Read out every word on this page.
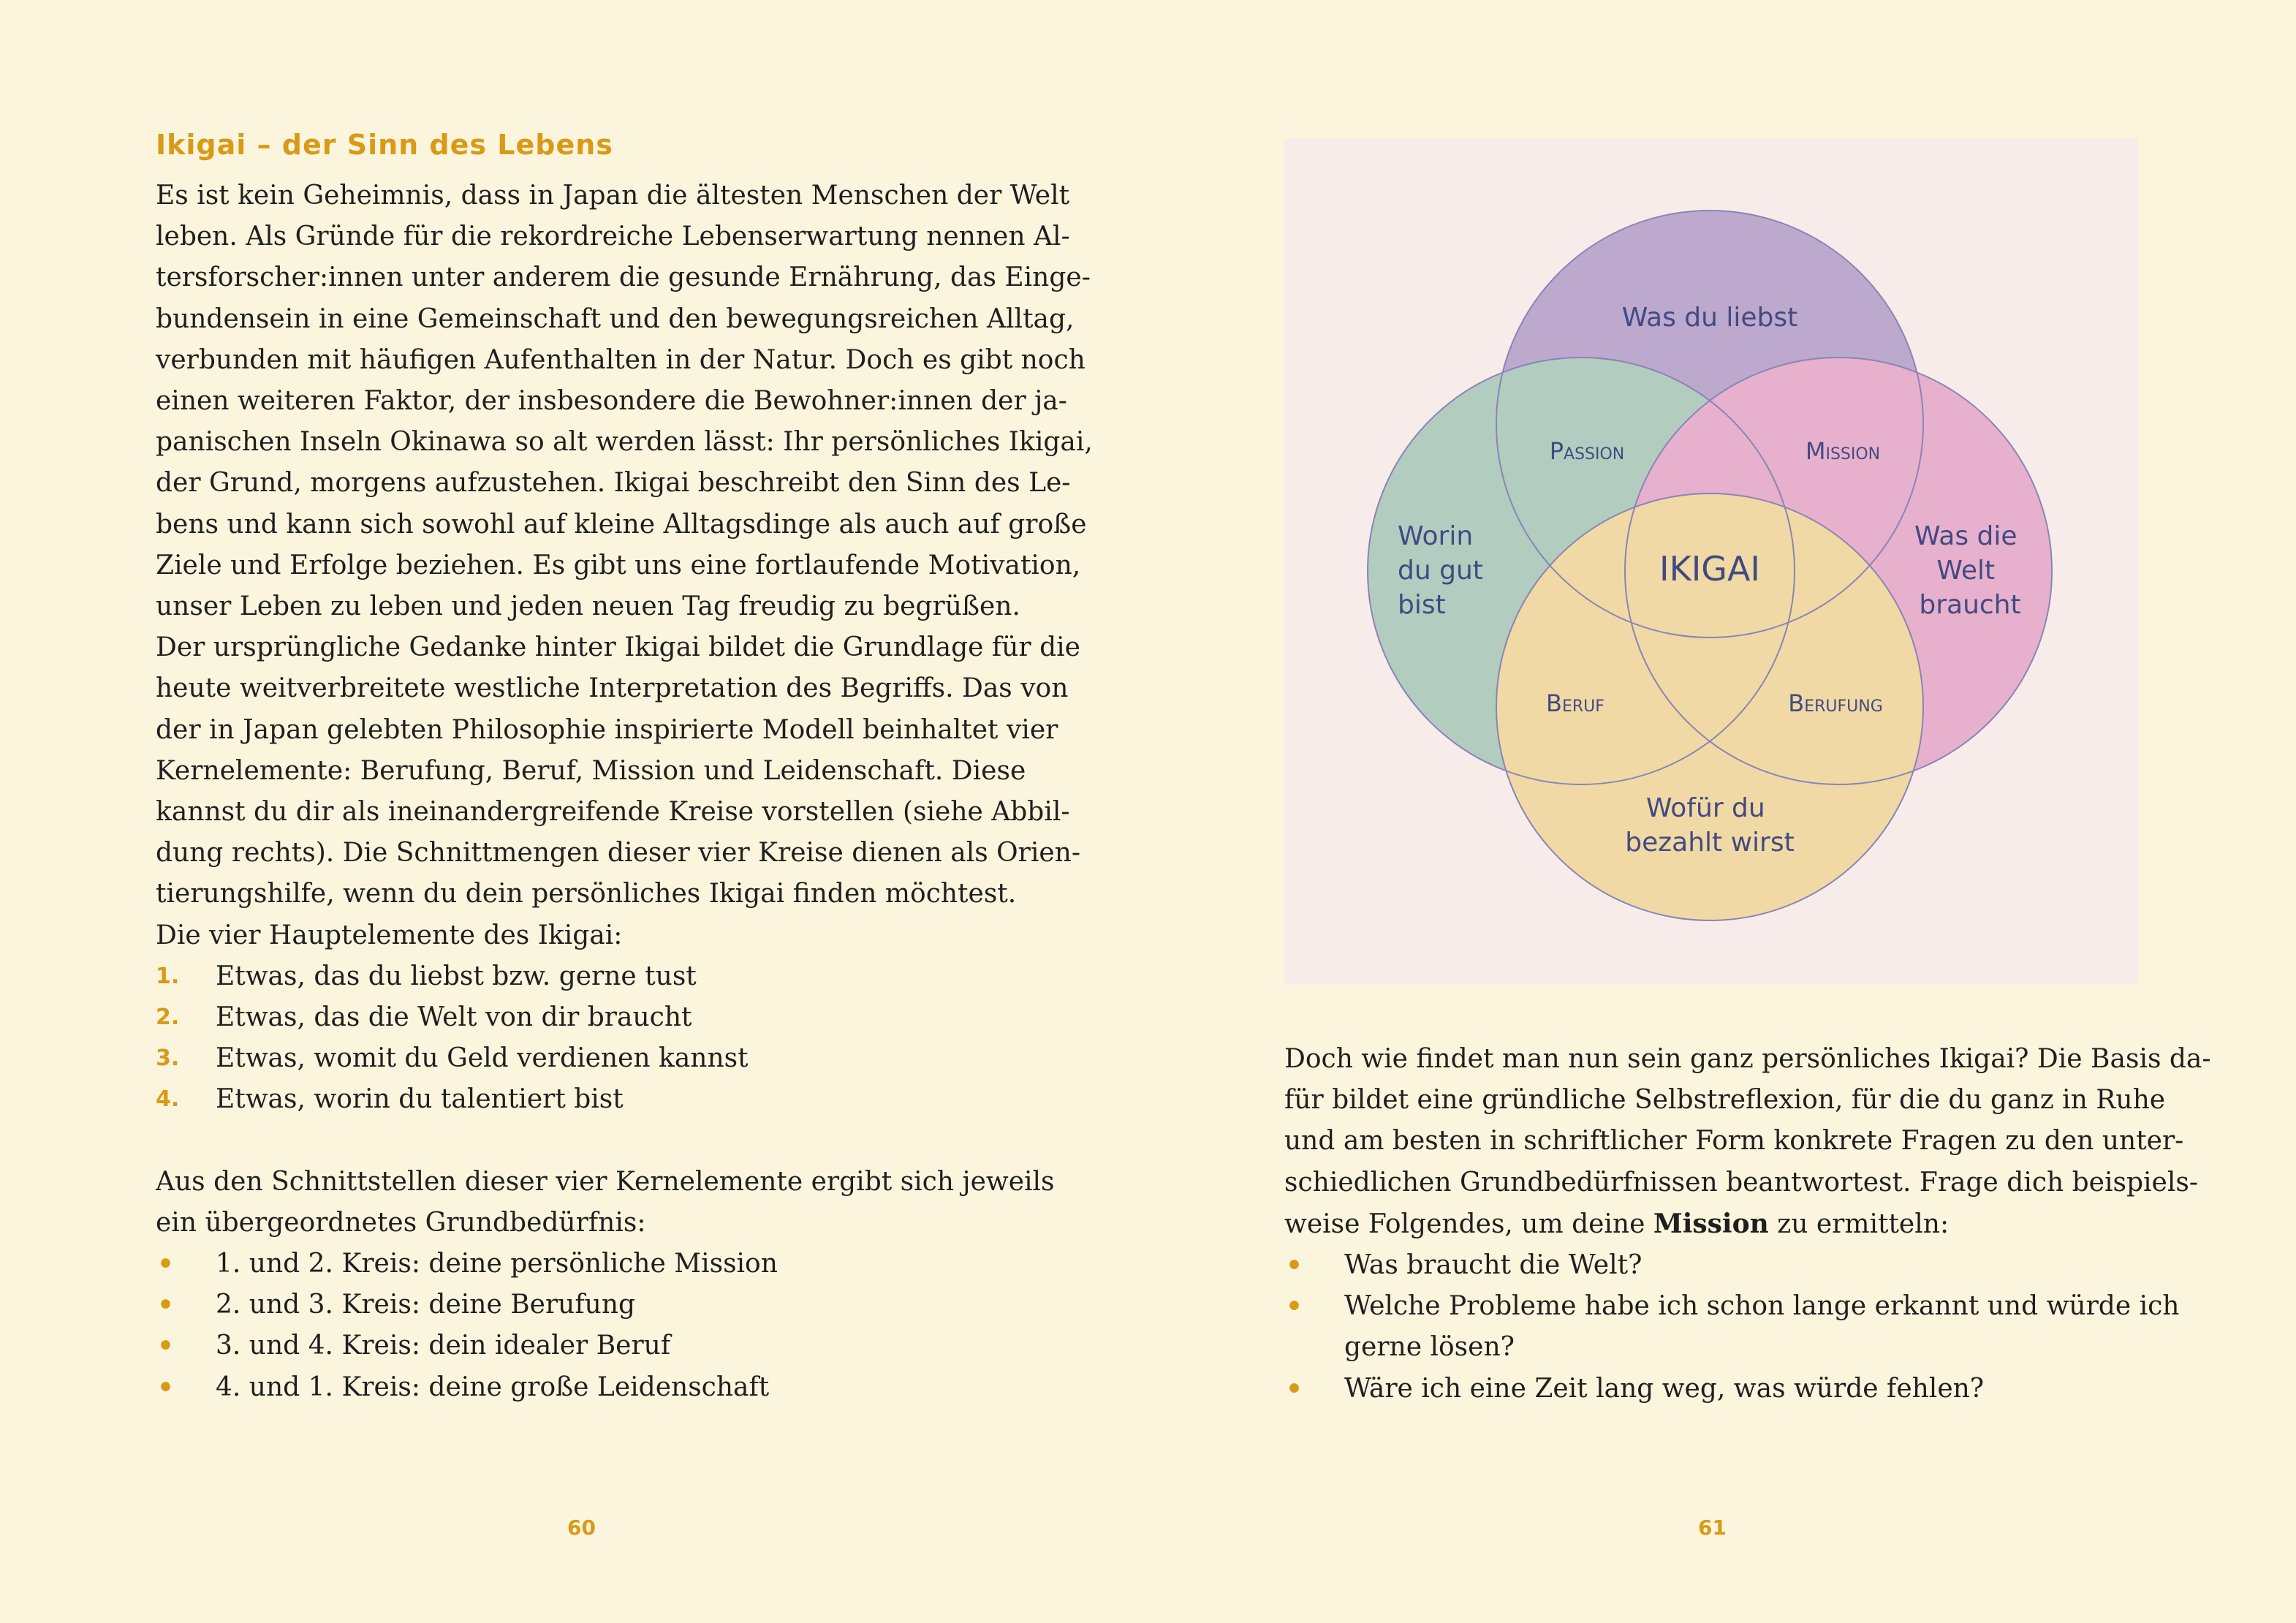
Ikigai – der Sinn des Lebens
Es ist kein Geheimnis, dass in Japan die ältesten Menschen der Welt
leben. Als Gründe für die rekordreiche Lebenserwartung nennen Al-
tersforscher:innen unter anderem die gesunde Ernährung, das Einge-
bundensein in eine Gemeinschaft und den bewegungsreichen Alltag,
verbunden mit häufigen Aufenthalten in der Natur. Doch es gibt noch
einen weiteren Faktor, der insbesondere die Bewohner:innen der ja-
panischen Inseln Okinawa so alt werden lässt: Ihr persönliches Ikigai,
der Grund, morgens aufzustehen. Ikigai beschreibt den Sinn des Le-
bens und kann sich sowohl auf kleine Alltagsdinge als auch auf große
Ziele und Erfolge beziehen. Es gibt uns eine fortlaufende Motivation,
unser Leben zu leben und jeden neuen Tag freudig zu begrüßen.
Der ursprüngliche Gedanke hinter Ikigai bildet die Grundlage für die
heute weitverbreitete westliche Interpretation des Begriffs. Das von
der in Japan gelebten Philosophie inspirierte Modell beinhaltet vier
Kernelemente: Berufung, Beruf, Mission und Leidenschaft. Diese
kannst du dir als ineinandergreifende Kreise vorstellen (siehe Abbil-
dung rechts). Die Schnittmengen dieser vier Kreise dienen als Orien-
tierungshilfe, wenn du dein persönliches Ikigai finden möchtest.
Die vier Hauptelemente des Ikigai:
1. Etwas, das du liebst bzw. gerne tust
2. Etwas, das die Welt von dir braucht
3. Etwas, womit du Geld verdienen kannst
4. Etwas, worin du talentiert bist
Aus den Schnittstellen dieser vier Kernelemente ergibt sich jeweils
ein übergeordnetes Grundbedürfnis:
• 1. und 2. Kreis: deine persönliche Mission
• 2. und 3. Kreis: deine Berufung
• 3. und 4. Kreis: dein idealer Beruf
• 4. und 1. Kreis: deine große Leidenschaft
60
Was du liebst
Worin du gut bist
Was die Welt braucht
Wofür du bezahlt wirst
Passion	Mission
Beruf	Berufung
IKIGAI
Doch wie findet man nun sein ganz persönliches Ikigai? Die Basis da-
für bildet eine gründliche Selbstreflexion, für die du ganz in Ruhe
und am besten in schriftlicher Form konkrete Fragen zu den unter-
schiedlichen Grundbedürfnissen beantwortest. Frage dich beispiels-
weise Folgendes, um deine Mission zu ermitteln:
• Was braucht die Welt?
• Welche Probleme habe ich schon lange erkannt und würde ich
gerne lösen?
• Wäre ich eine Zeit lang weg, was würde fehlen?
61
